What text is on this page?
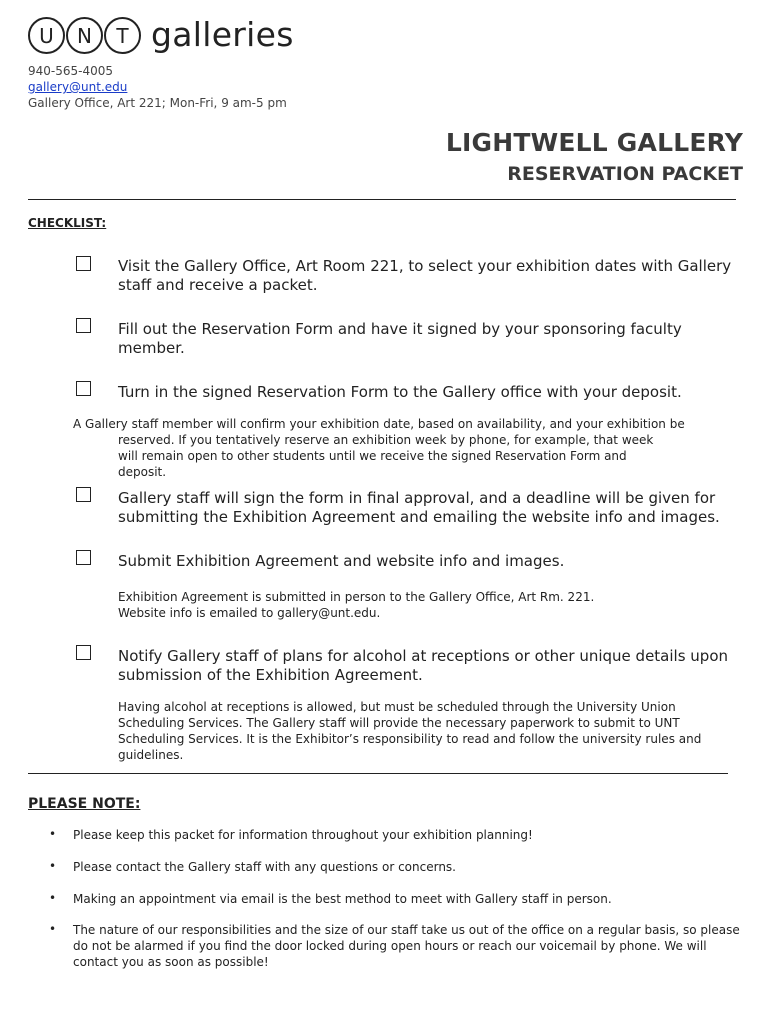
U	N	T galleries
940-565-4005
gallery@unt.edu
Gallery Office, Art 221; Mon-Fri, 9 am-5 pm
LIGHTWELL GALLERY
RESERVATION PACKET
CHECKLIST:
Visit the Gallery Office, Art Room 221, to select your exhibition dates with Gallery staff and receive a packet.
Fill out the Reservation Form and have it signed by your sponsoring faculty member.
Turn in the signed Reservation Form to the Gallery office with your deposit.
A Gallery staff member will confirm your exhibition date, based on availability, and your exhibition be
reserved. If you tentatively reserve an exhibition week by phone, for example, that week will remain open to other students until we receive the signed Reservation Form and deposit.
Gallery staff will sign the form in final approval, and a deadline will be given for submitting the Exhibition Agreement and emailing the website info and images.
Submit Exhibition Agreement and website info and images.
Exhibition Agreement is submitted in person to the Gallery Office, Art Rm. 221.
Website info is emailed to gallery@unt.edu.
Notify Gallery staff of plans for alcohol at receptions or other unique details upon submission of the Exhibition Agreement.
Having alcohol at receptions is allowed, but must be scheduled through the University Union Scheduling Services. The Gallery staff will provide the necessary paperwork to submit to UNT Scheduling Services. It is the Exhibitor’s responsibility to read and follow the university rules and guidelines.
PLEASE NOTE:
• Please keep this packet for information throughout your exhibition planning!
• Please contact the Gallery staff with any questions or concerns.
• Making an appointment via email is the best method to meet with Gallery staff in person.
• The nature of our responsibilities and the size of our staff take us out of the office on a regular basis, so please do not be alarmed if you find the door locked during open hours or reach our voicemail by phone. We will contact you as soon as possible!
